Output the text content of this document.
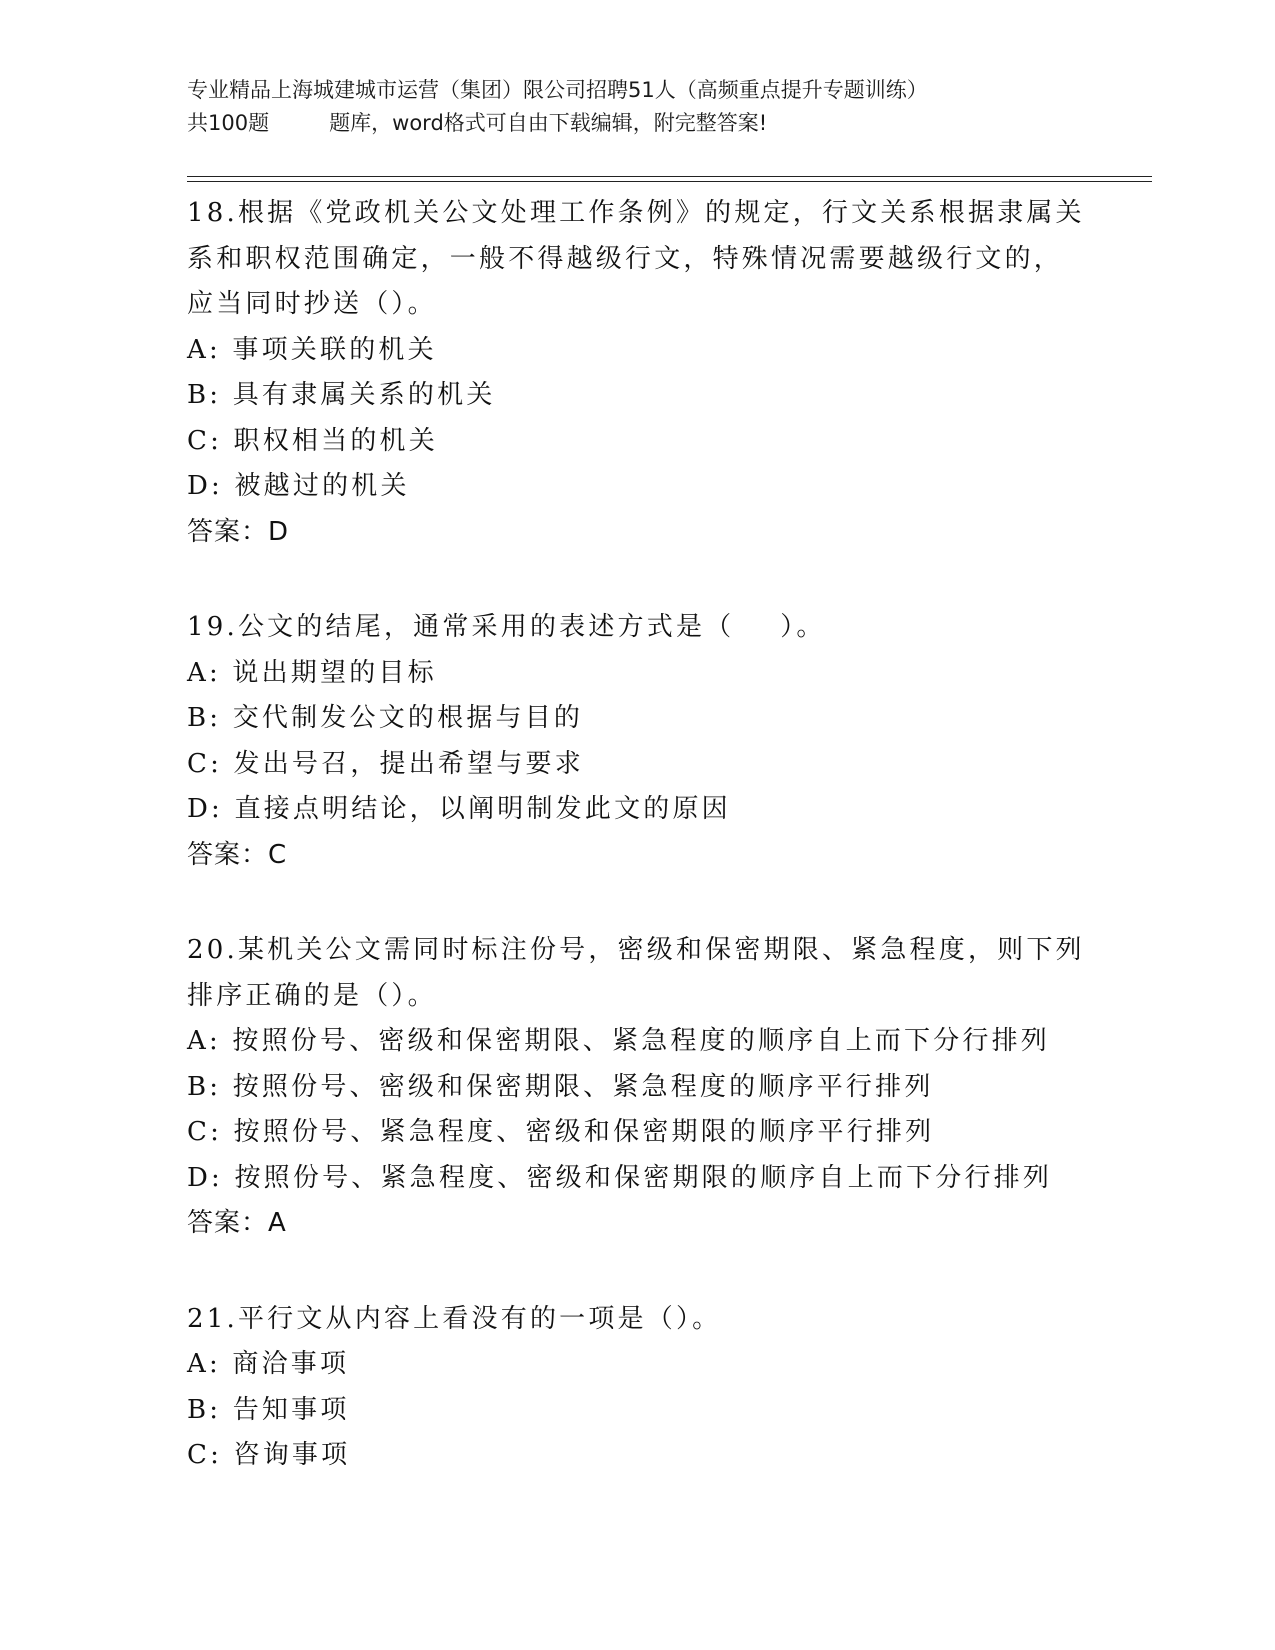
专业精品上海城建城市运营（集团）限公司招聘51人（高频重点提升专题训练）
共100题         题库，word格式可自由下载编辑，附完整答案!
18.根据《党政机关公文处理工作条例》的规定，行文关系根据隶属关系和职权范围确定，一般不得越级行文，特殊情况需要越级行文的，应当同时抄送（）。
A: 事项关联的机关
B: 具有隶属关系的机关
C: 职权相当的机关
D: 被越过的机关
答案：D
19.公文的结尾，通常采用的表述方式是（    ）。
A: 说出期望的目标
B: 交代制发公文的根据与目的
C: 发出号召，提出希望与要求
D: 直接点明结论，以阐明制发此文的原因
答案：C
20.某机关公文需同时标注份号，密级和保密期限、紧急程度，则下列排序正确的是（）。
A: 按照份号、密级和保密期限、紧急程度的顺序自上而下分行排列
B: 按照份号、密级和保密期限、紧急程度的顺序平行排列
C: 按照份号、紧急程度、密级和保密期限的顺序平行排列
D: 按照份号、紧急程度、密级和保密期限的顺序自上而下分行排列
答案：A
21.平行文从内容上看没有的一项是（）。
A: 商洽事项
B: 告知事项
C: 咨询事项
